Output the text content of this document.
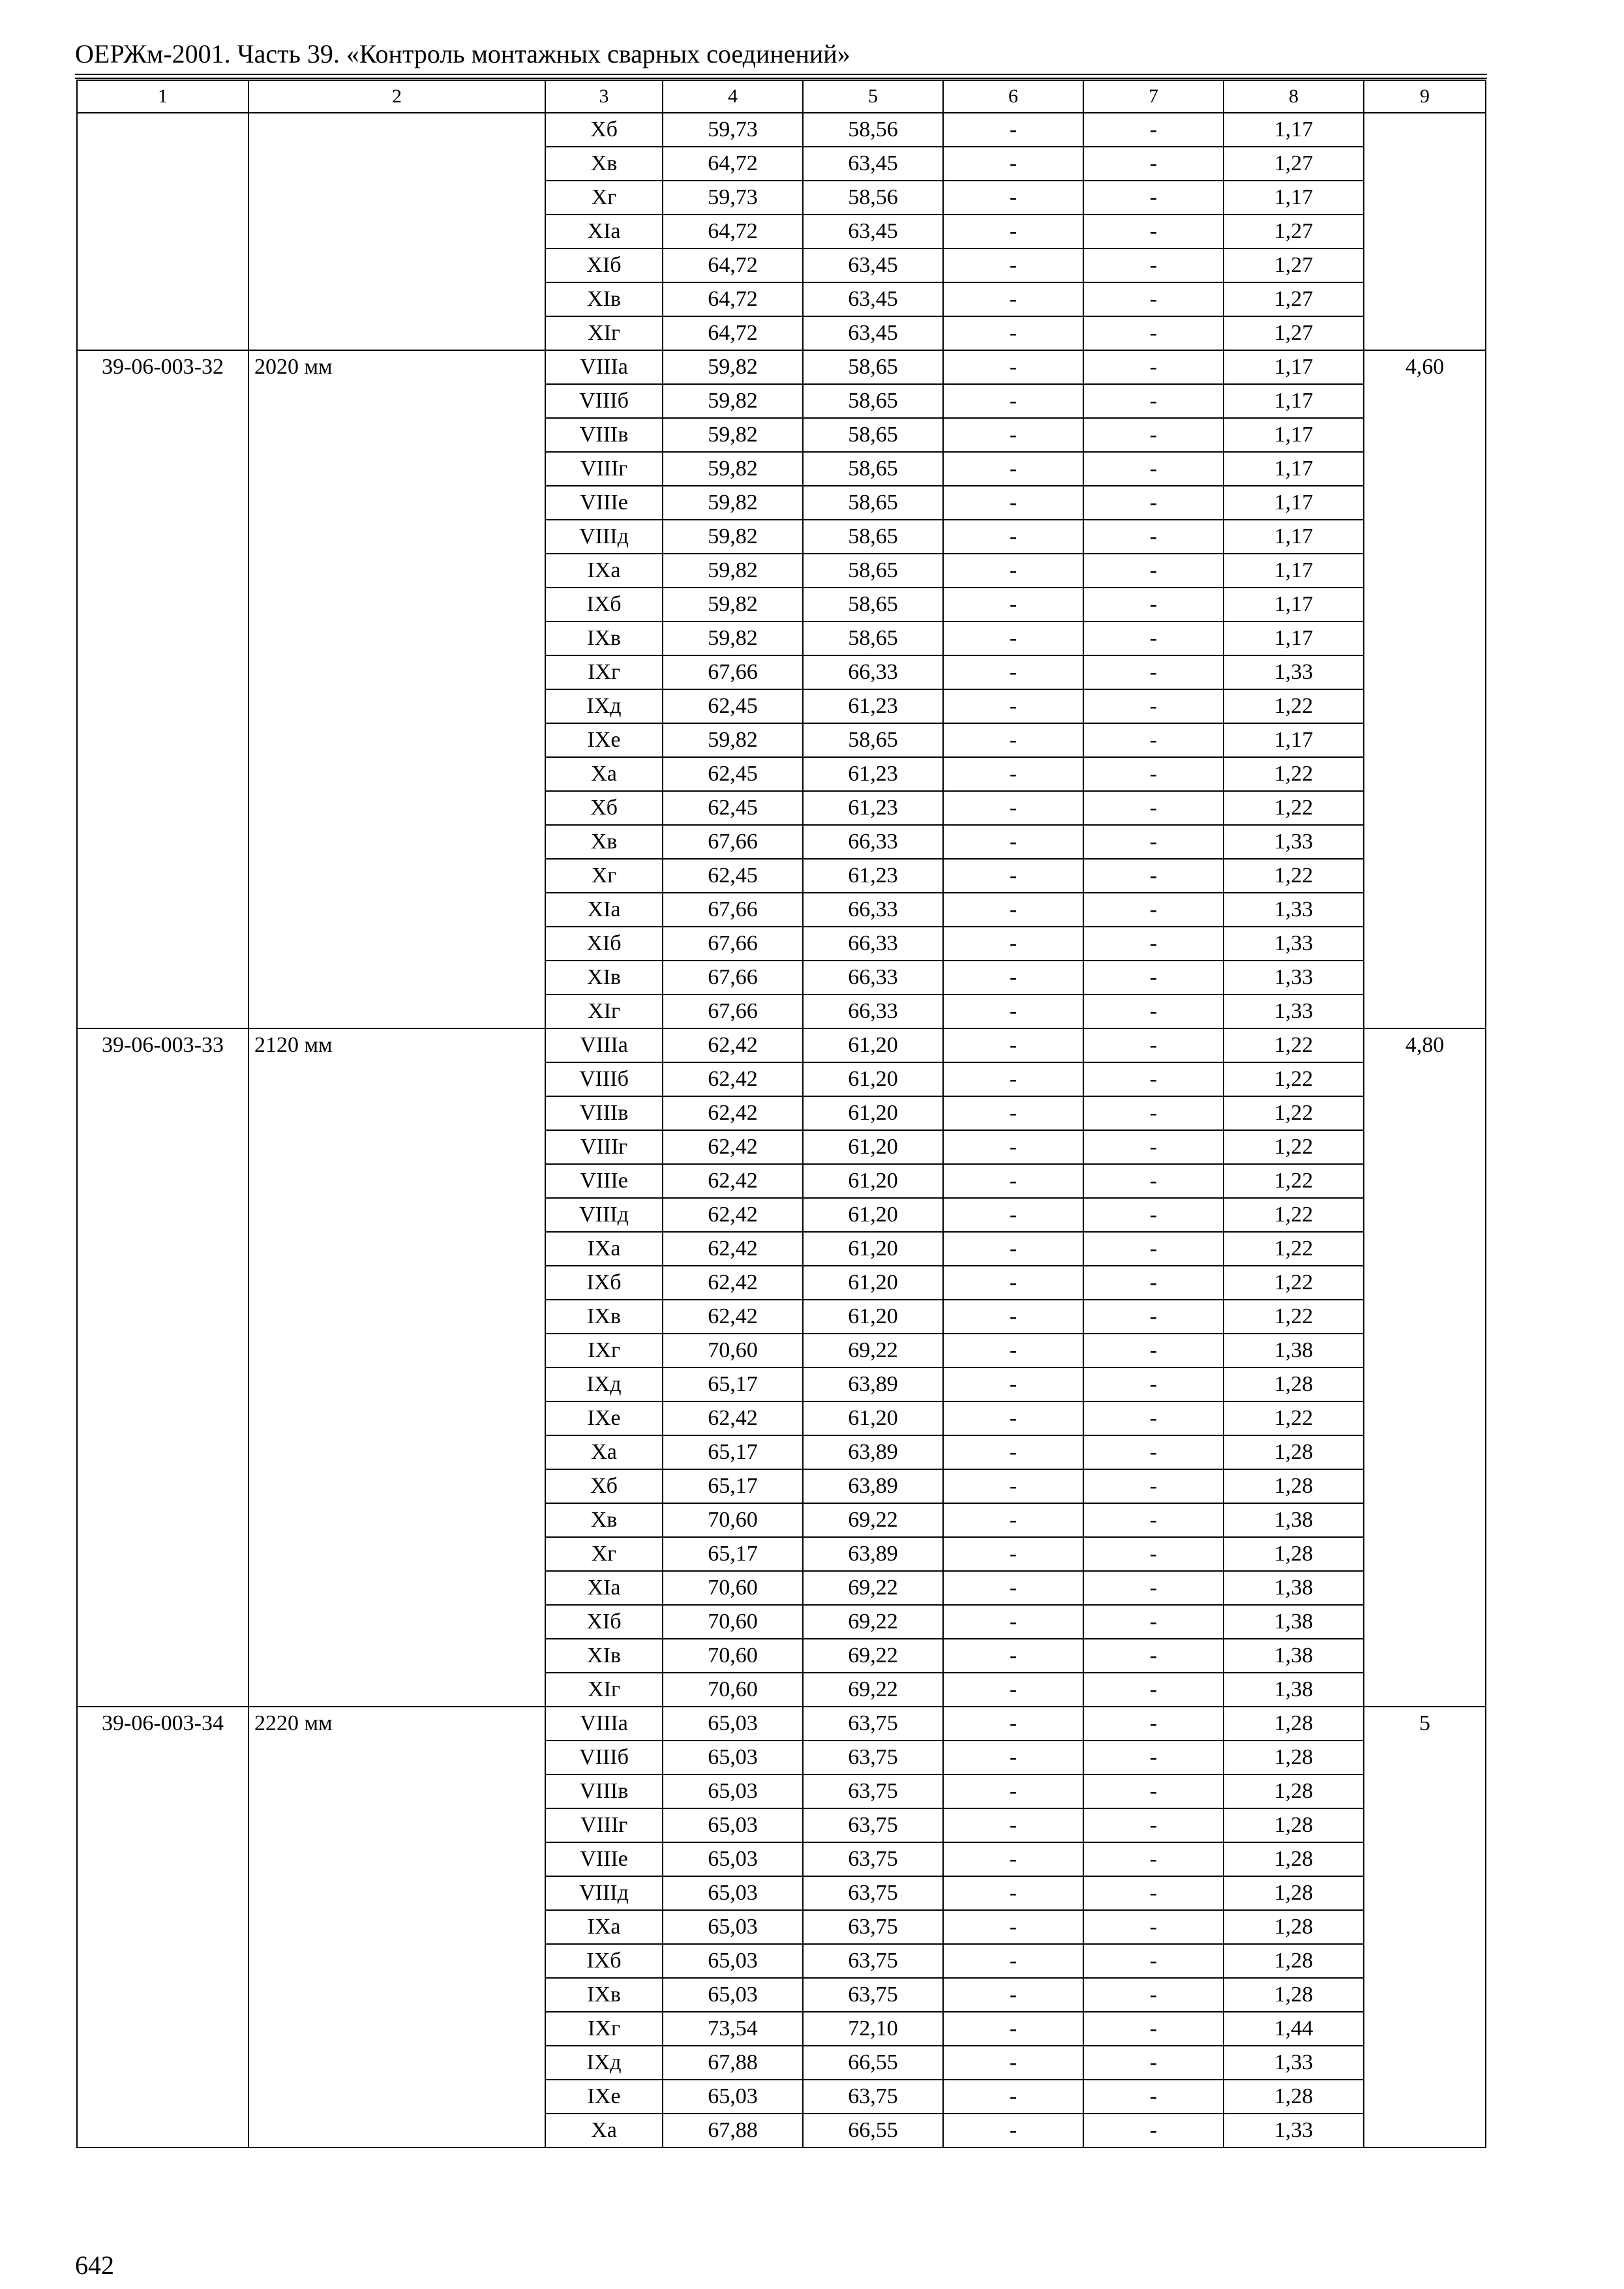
ОЕРЖм-2001. Часть 39. «Контроль монтажных сварных соединений»
1	2	3	4	5	6	7	8	9
		Хб	59,73	58,56	-	-	1,17	
		Хв	64,72	63,45	-	-	1,27	
		Хг	59,73	58,56	-	-	1,17	
		XIa	64,72	63,45	-	-	1,27	
		XIб	64,72	63,45	-	-	1,27	
		XIв	64,72	63,45	-	-	1,27	
		XIг	64,72	63,45	-	-	1,27	
39-06-003-32	2020 мм	VIIIa	59,82	58,65	-	-	1,17	4,60
		VIIIб	59,82	58,65	-	-	1,17	
		VIIIв	59,82	58,65	-	-	1,17	
		VIIIг	59,82	58,65	-	-	1,17	
		VIIIe	59,82	58,65	-	-	1,17	
		VIIIд	59,82	58,65	-	-	1,17	
		IXa	59,82	58,65	-	-	1,17	
		IXб	59,82	58,65	-	-	1,17	
		IXв	59,82	58,65	-	-	1,17	
		IXг	67,66	66,33	-	-	1,33	
		IXд	62,45	61,23	-	-	1,22	
		IXe	59,82	58,65	-	-	1,17	
		Xa	62,45	61,23	-	-	1,22	
		Хб	62,45	61,23	-	-	1,22	
		Хв	67,66	66,33	-	-	1,33	
		Хг	62,45	61,23	-	-	1,22	
		XIa	67,66	66,33	-	-	1,33	
		XIб	67,66	66,33	-	-	1,33	
		XIв	67,66	66,33	-	-	1,33	
		XIг	67,66	66,33	-	-	1,33	
39-06-003-33	2120 мм	VIIIa	62,42	61,20	-	-	1,22	4,80
		VIIIб	62,42	61,20	-	-	1,22	
		VIIIв	62,42	61,20	-	-	1,22	
		VIIIг	62,42	61,20	-	-	1,22	
		VIIIe	62,42	61,20	-	-	1,22	
		VIIIд	62,42	61,20	-	-	1,22	
		IXa	62,42	61,20	-	-	1,22	
		IXб	62,42	61,20	-	-	1,22	
		IXв	62,42	61,20	-	-	1,22	
		IXг	70,60	69,22	-	-	1,38	
		IXд	65,17	63,89	-	-	1,28	
		IXe	62,42	61,20	-	-	1,22	
		Xa	65,17	63,89	-	-	1,28	
		Хб	65,17	63,89	-	-	1,28	
		Хв	70,60	69,22	-	-	1,38	
		Хг	65,17	63,89	-	-	1,28	
		XIa	70,60	69,22	-	-	1,38	
		XIб	70,60	69,22	-	-	1,38	
		XIв	70,60	69,22	-	-	1,38	
		XIг	70,60	69,22	-	-	1,38	
39-06-003-34	2220 мм	VIIIa	65,03	63,75	-	-	1,28	5
		VIIIб	65,03	63,75	-	-	1,28	
		VIIIв	65,03	63,75	-	-	1,28	
		VIIIг	65,03	63,75	-	-	1,28	
		VIIIe	65,03	63,75	-	-	1,28	
		VIIIд	65,03	63,75	-	-	1,28	
		IXa	65,03	63,75	-	-	1,28	
		IXб	65,03	63,75	-	-	1,28	
		IXв	65,03	63,75	-	-	1,28	
		IXг	73,54	72,10	-	-	1,44	
		IXд	67,88	66,55	-	-	1,33	
		IXe	65,03	63,75	-	-	1,28	
		Xa	67,88	66,55	-	-	1,33	
642
